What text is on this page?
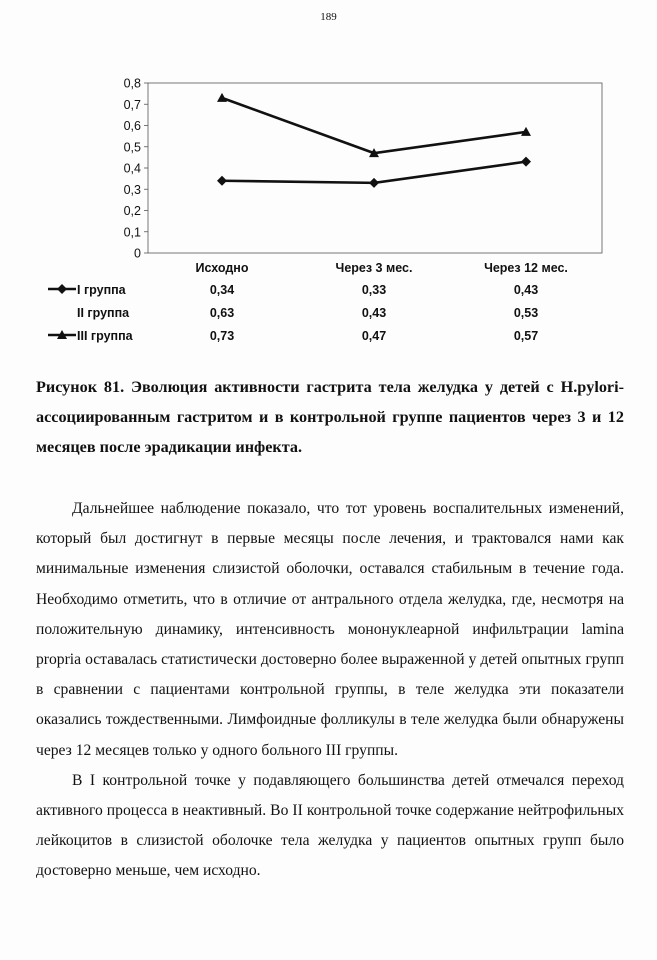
189
0
0,1
0,2
0,3
0,4
0,5
0,6
0,7
0,8
Исходно	Через 3 мес.	Через 12 мес.
I группа	0,34	0,33	0,43
II группа	0,63	0,43	0,53
III группа	0,73	0,47	0,57

Рисунок 81. Эволюция активности гастрита тела желудка у детей с H.pylori-ассоциированным гастритом и в контрольной группе пациентов через 3 и 12 месяцев после эрадикации инфекта.

Дальнейшее наблюдение показало, что тот уровень воспалительных изменений, который был достигнут в первые месяцы после лечения, и трактовался нами как минимальные изменения слизистой оболочки, оставался стабильным в течение года. Необходимо отметить, что в отличие от антрального отдела желудка, где, несмотря на положительную динамику, интенсивность мононуклеарной инфильтрации lamina propria оставалась статистически достоверно более выраженной у детей опытных групп в сравнении с пациентами контрольной группы, в теле желудка эти показатели оказались тождественными. Лимфоидные фолликулы в теле желудка были обнаружены через 12 месяцев только у одного больного III группы.

В I контрольной точке у подавляющего большинства детей отмечался переход активного процесса в неактивный. Во II контрольной точке содержание нейтрофильных лейкоцитов в слизистой оболочке тела желудка у пациентов опытных групп было достоверно меньше, чем исходно.
